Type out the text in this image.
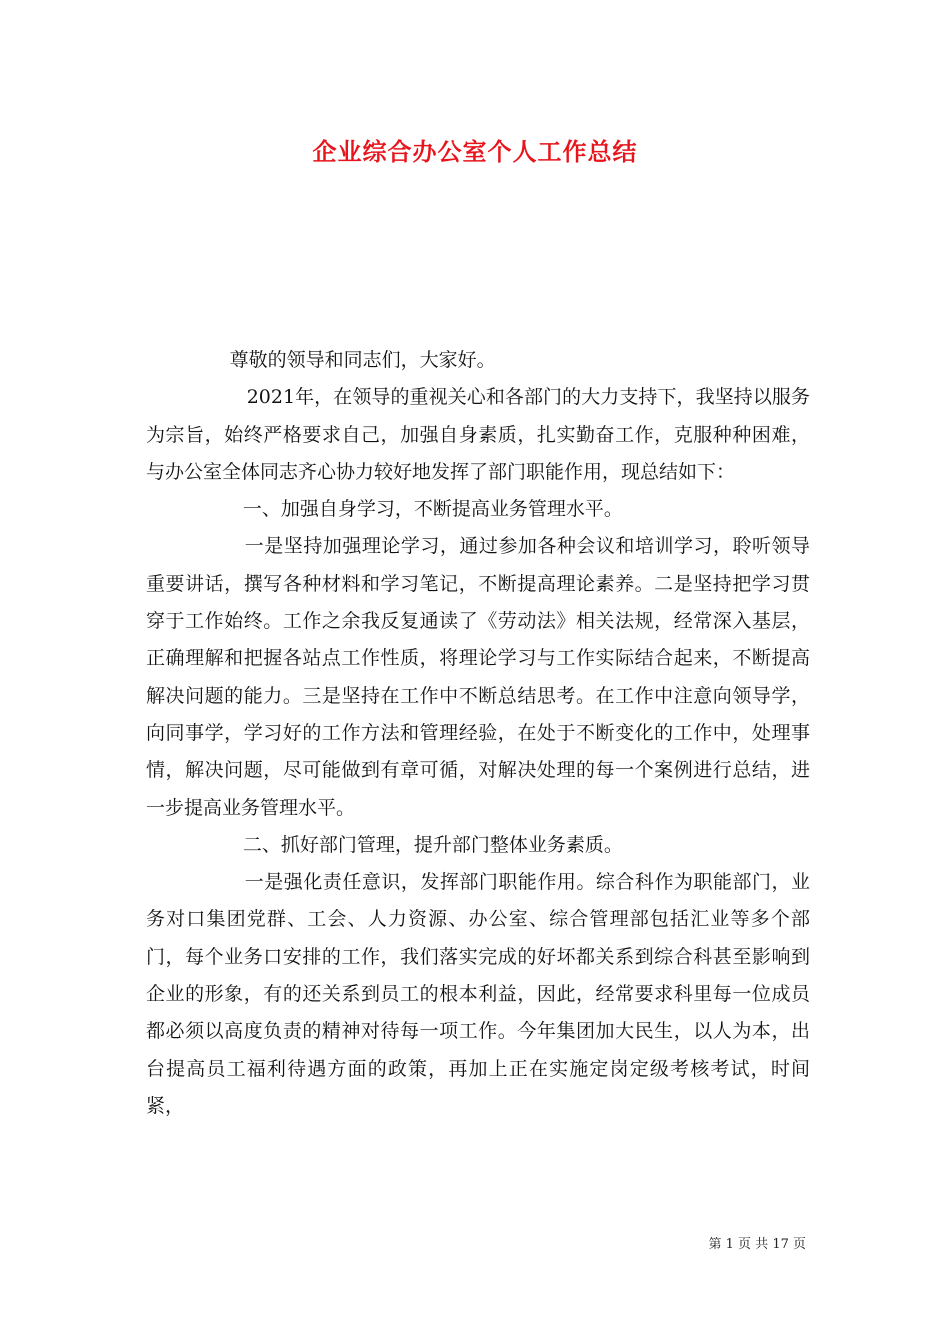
企业综合办公室个人工作总结

尊敬的领导和同志们，大家好。

2021年，在领导的重视关心和各部门的大力支持下，我坚持以服务为宗旨，始终严格要求自己，加强自身素质，扎实勤奋工作，克服种种困难，与办公室全体同志齐心协力较好地发挥了部门职能作用，现总结如下：

一、加强自身学习，不断提高业务管理水平。

一是坚持加强理论学习，通过参加各种会议和培训学习，聆听领导重要讲话，撰写各种材料和学习笔记，不断提高理论素养。二是坚持把学习贯穿于工作始终。工作之余我反复通读了《劳动法》相关法规，经常深入基层，正确理解和把握各站点工作性质，将理论学习与工作实际结合起来，不断提高解决问题的能力。三是坚持在工作中不断总结思考。在工作中注意向领导学，向同事学，学习好的工作方法和管理经验，在处于不断变化的工作中，处理事情，解决问题，尽可能做到有章可循，对解决处理的每一个案例进行总结，进一步提高业务管理水平。

二、抓好部门管理，提升部门整体业务素质。

一是强化责任意识，发挥部门职能作用。综合科作为职能部门，业务对口集团党群、工会、人力资源、办公室、综合管理部包括汇业等多个部门，每个业务口安排的工作，我们落实完成的好坏都关系到综合科甚至影响到企业的形象，有的还关系到员工的根本利益，因此，经常要求科里每一位成员都必须以高度负责的精神对待每一项工作。今年集团加大民生，以人为本，出台提高员工福利待遇方面的政策，再加上正在实施定岗定级考核考试，时间紧，

第 1 页 共 17 页
